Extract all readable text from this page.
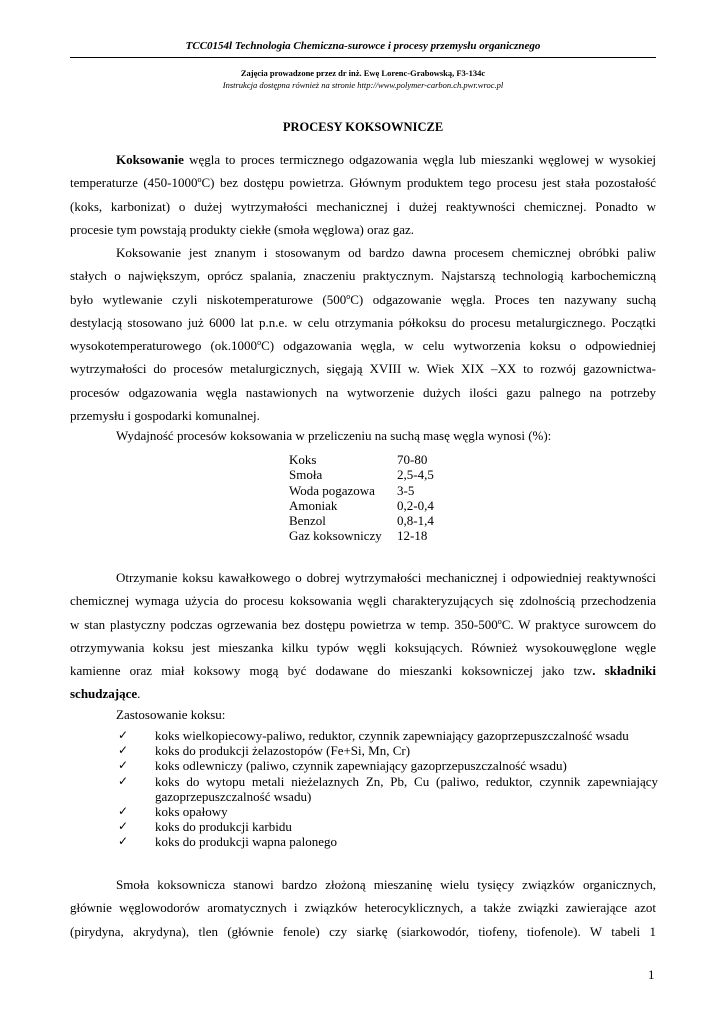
TCC0154l Technologia Chemiczna-surowce i procesy przemysłu organicznego
Zajęcia prowadzone przez dr inż. Ewę Lorenc-Grabowską, F3-134c
Instrukcja dostępna również na stronie http://www.polymer-carbon.ch.pwr.wroc.pl
PROCESY KOKSOWNICZE
Koksowanie węgla to proces termicznego odgazowania węgla lub mieszanki węglowej w wysokiej
temperaturze (450-1000$^o$C) bez dostępu powietrza. Głównym produktem tego procesu jest stała pozostałość
(koks, karbonizat) o dużej wytrzymałości mechanicznej i dużej reaktywności chemicznej. Ponadto w
procesie tym powstają produkty ciekłe (smoła węglowa) oraz gaz.
Koksowanie jest znanym i stosowanym od bardzo dawna procesem chemicznej obróbki paliw
stałych o największym, oprócz spalania, znaczeniu praktycznym. Najstarszą technologią karbochemiczną
było wytlewanie czyli niskotemperaturowe (500$^o$C) odgazowanie węgla. Proces ten nazywany suchą
destylacją stosowano już 6000 lat p.n.e. w celu otrzymania półkoksu do procesu metalurgicznego. Początki
wysokotemperaturowego (ok.1000$^o$C) odgazowania węgla, w celu wytworzenia koksu o odpowiedniej
wytrzymałości do procesów metalurgicznych, sięgają XVIII w. Wiek XIX –XX to rozwój gazownictwa-
procesów odgazowania węgla nastawionych na wytworzenie dużych ilości gazu palnego na potrzeby
przemysłu i gospodarki komunalnej.
Wydajność procesów koksowania w przeliczeniu na suchą masę węgla wynosi (%):
Koks	70-80
Smoła	2,5-4,5
Woda pogazowa	3-5
Amoniak	0,2-0,4
Benzol	0,8-1,4
Gaz koksowniczy	12-18
Otrzymanie koksu kawałkowego o dobrej wytrzymałości mechanicznej i odpowiedniej reaktywności
chemicznej wymaga użycia do procesu koksowania węgli charakteryzujących się zdolnością przechodzenia
w stan plastyczny podczas ogrzewania bez dostępu powietrza w temp. 350-500$^o$C. W praktyce surowcem do
otrzymywania koksu jest mieszanka kilku typów węgli koksujących. Również wysokouwęglone węgle
kamienne oraz miał koksowy mogą być dodawane do mieszanki koksowniczej jako tzw. składniki
schudzające.
Zastosowanie koksu:
✓	koks wielkopiecowy-paliwo, reduktor, czynnik zapewniający gazoprzepuszczalność wsadu
✓	koks do produkcji żelazostopów (Fe+Si, Mn, Cr)
✓	koks odlewniczy (paliwo, czynnik zapewniający gazoprzepuszczalność wsadu)
✓	koks do wytopu metali nieżelaznych Zn, Pb, Cu (paliwo, reduktor, czynnik zapewniający
gazoprzepuszczalność wsadu)
✓	koks opałowy
✓	koks do produkcji karbidu
✓	koks do produkcji wapna palonego
Smoła koksownicza stanowi bardzo złożoną mieszaninę wielu tysięcy związków organicznych,
głównie węglowodorów aromatycznych i związków heterocyklicznych, a także związki zawierające azot
(pirydyna, akrydyna), tlen (głównie fenole) czy siarkę (siarkowodór, tiofeny, tiofenole). W tabeli 1
1
